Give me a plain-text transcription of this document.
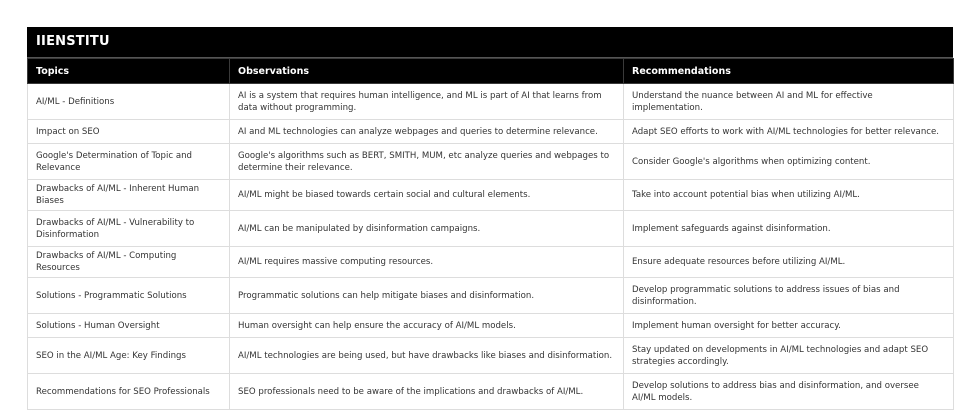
IIENSTITU
Topics	Observations	Recommendations
AI/ML - Definitions	AI is a system that requires human intelligence, and ML is part of AI that learns from data without programming.	Understand the nuance between AI and ML for effective implementation.
Impact on SEO	AI and ML technologies can analyze webpages and queries to determine relevance.	Adapt SEO efforts to work with AI/ML technologies for better relevance.
Google's Determination of Topic and Relevance	Google's algorithms such as BERT, SMITH, MUM, etc analyze queries and webpages to determine their relevance.	Consider Google's algorithms when optimizing content.
Drawbacks of AI/ML - Inherent Human Biases	AI/ML might be biased towards certain social and cultural elements.	Take into account potential bias when utilizing AI/ML.
Drawbacks of AI/ML - Vulnerability to Disinformation	AI/ML can be manipulated by disinformation campaigns.	Implement safeguards against disinformation.
Drawbacks of AI/ML - Computing Resources	AI/ML requires massive computing resources.	Ensure adequate resources before utilizing AI/ML.
Solutions - Programmatic Solutions	Programmatic solutions can help mitigate biases and disinformation.	Develop programmatic solutions to address issues of bias and disinformation.
Solutions - Human Oversight	Human oversight can help ensure the accuracy of AI/ML models.	Implement human oversight for better accuracy.
SEO in the AI/ML Age: Key Findings	AI/ML technologies are being used, but have drawbacks like biases and disinformation.	Stay updated on developments in AI/ML technologies and adapt SEO strategies accordingly.
Recommendations for SEO Professionals	SEO professionals need to be aware of the implications and drawbacks of AI/ML.	Develop solutions to address bias and disinformation, and oversee AI/ML models.
